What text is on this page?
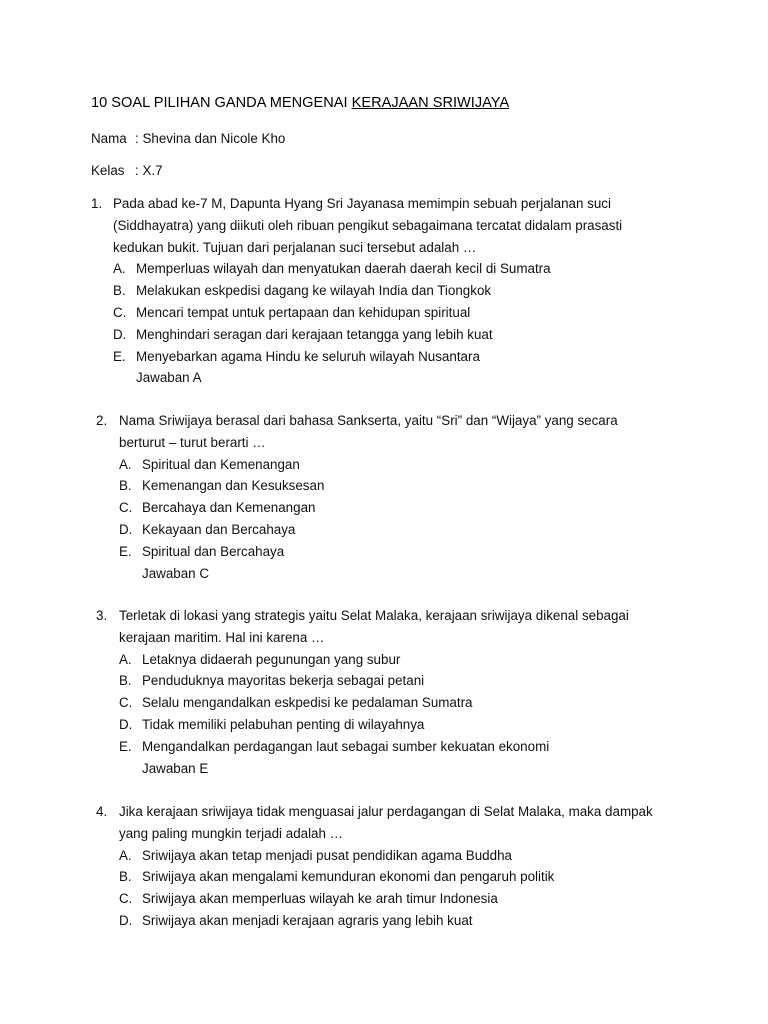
10 SOAL PILIHAN GANDA MENGENAI KERAJAAN SRIWIJAYA
Nama : Shevina dan Nicole Kho
Kelas : X.7
1. Pada abad ke-7 M, Dapunta Hyang Sri Jayanasa memimpin sebuah perjalanan suci
(Siddhayatra) yang diikuti oleh ribuan pengikut sebagaimana tercatat didalam prasasti
kedukan bukit. Tujuan dari perjalanan suci tersebut adalah …
A. Memperluas wilayah dan menyatukan daerah daerah kecil di Sumatra
B. Melakukan eskpedisi dagang ke wilayah India dan Tiongkok
C. Mencari tempat untuk pertapaan dan kehidupan spiritual
D. Menghindari seragan dari kerajaan tetangga yang lebih kuat
E. Menyebarkan agama Hindu ke seluruh wilayah Nusantara
Jawaban A
2. Nama Sriwijaya berasal dari bahasa Sankserta, yaitu “Sri” dan “Wijaya” yang secara
berturut – turut berarti …
A. Spiritual dan Kemenangan
B. Kemenangan dan Kesuksesan
C. Bercahaya dan Kemenangan
D. Kekayaan dan Bercahaya
E. Spiritual dan Bercahaya
Jawaban C
3. Terletak di lokasi yang strategis yaitu Selat Malaka, kerajaan sriwijaya dikenal sebagai
kerajaan maritim. Hal ini karena …
A. Letaknya didaerah pegunungan yang subur
B. Penduduknya mayoritas bekerja sebagai petani
C. Selalu mengandalkan eskpedisi ke pedalaman Sumatra
D. Tidak memiliki pelabuhan penting di wilayahnya
E. Mengandalkan perdagangan laut sebagai sumber kekuatan ekonomi
Jawaban E
4. Jika kerajaan sriwijaya tidak menguasai jalur perdagangan di Selat Malaka, maka dampak
yang paling mungkin terjadi adalah …
A. Sriwijaya akan tetap menjadi pusat pendidikan agama Buddha
B. Sriwijaya akan mengalami kemunduran ekonomi dan pengaruh politik
C. Sriwijaya akan memperluas wilayah ke arah timur Indonesia
D. Sriwijaya akan menjadi kerajaan agraris yang lebih kuat
